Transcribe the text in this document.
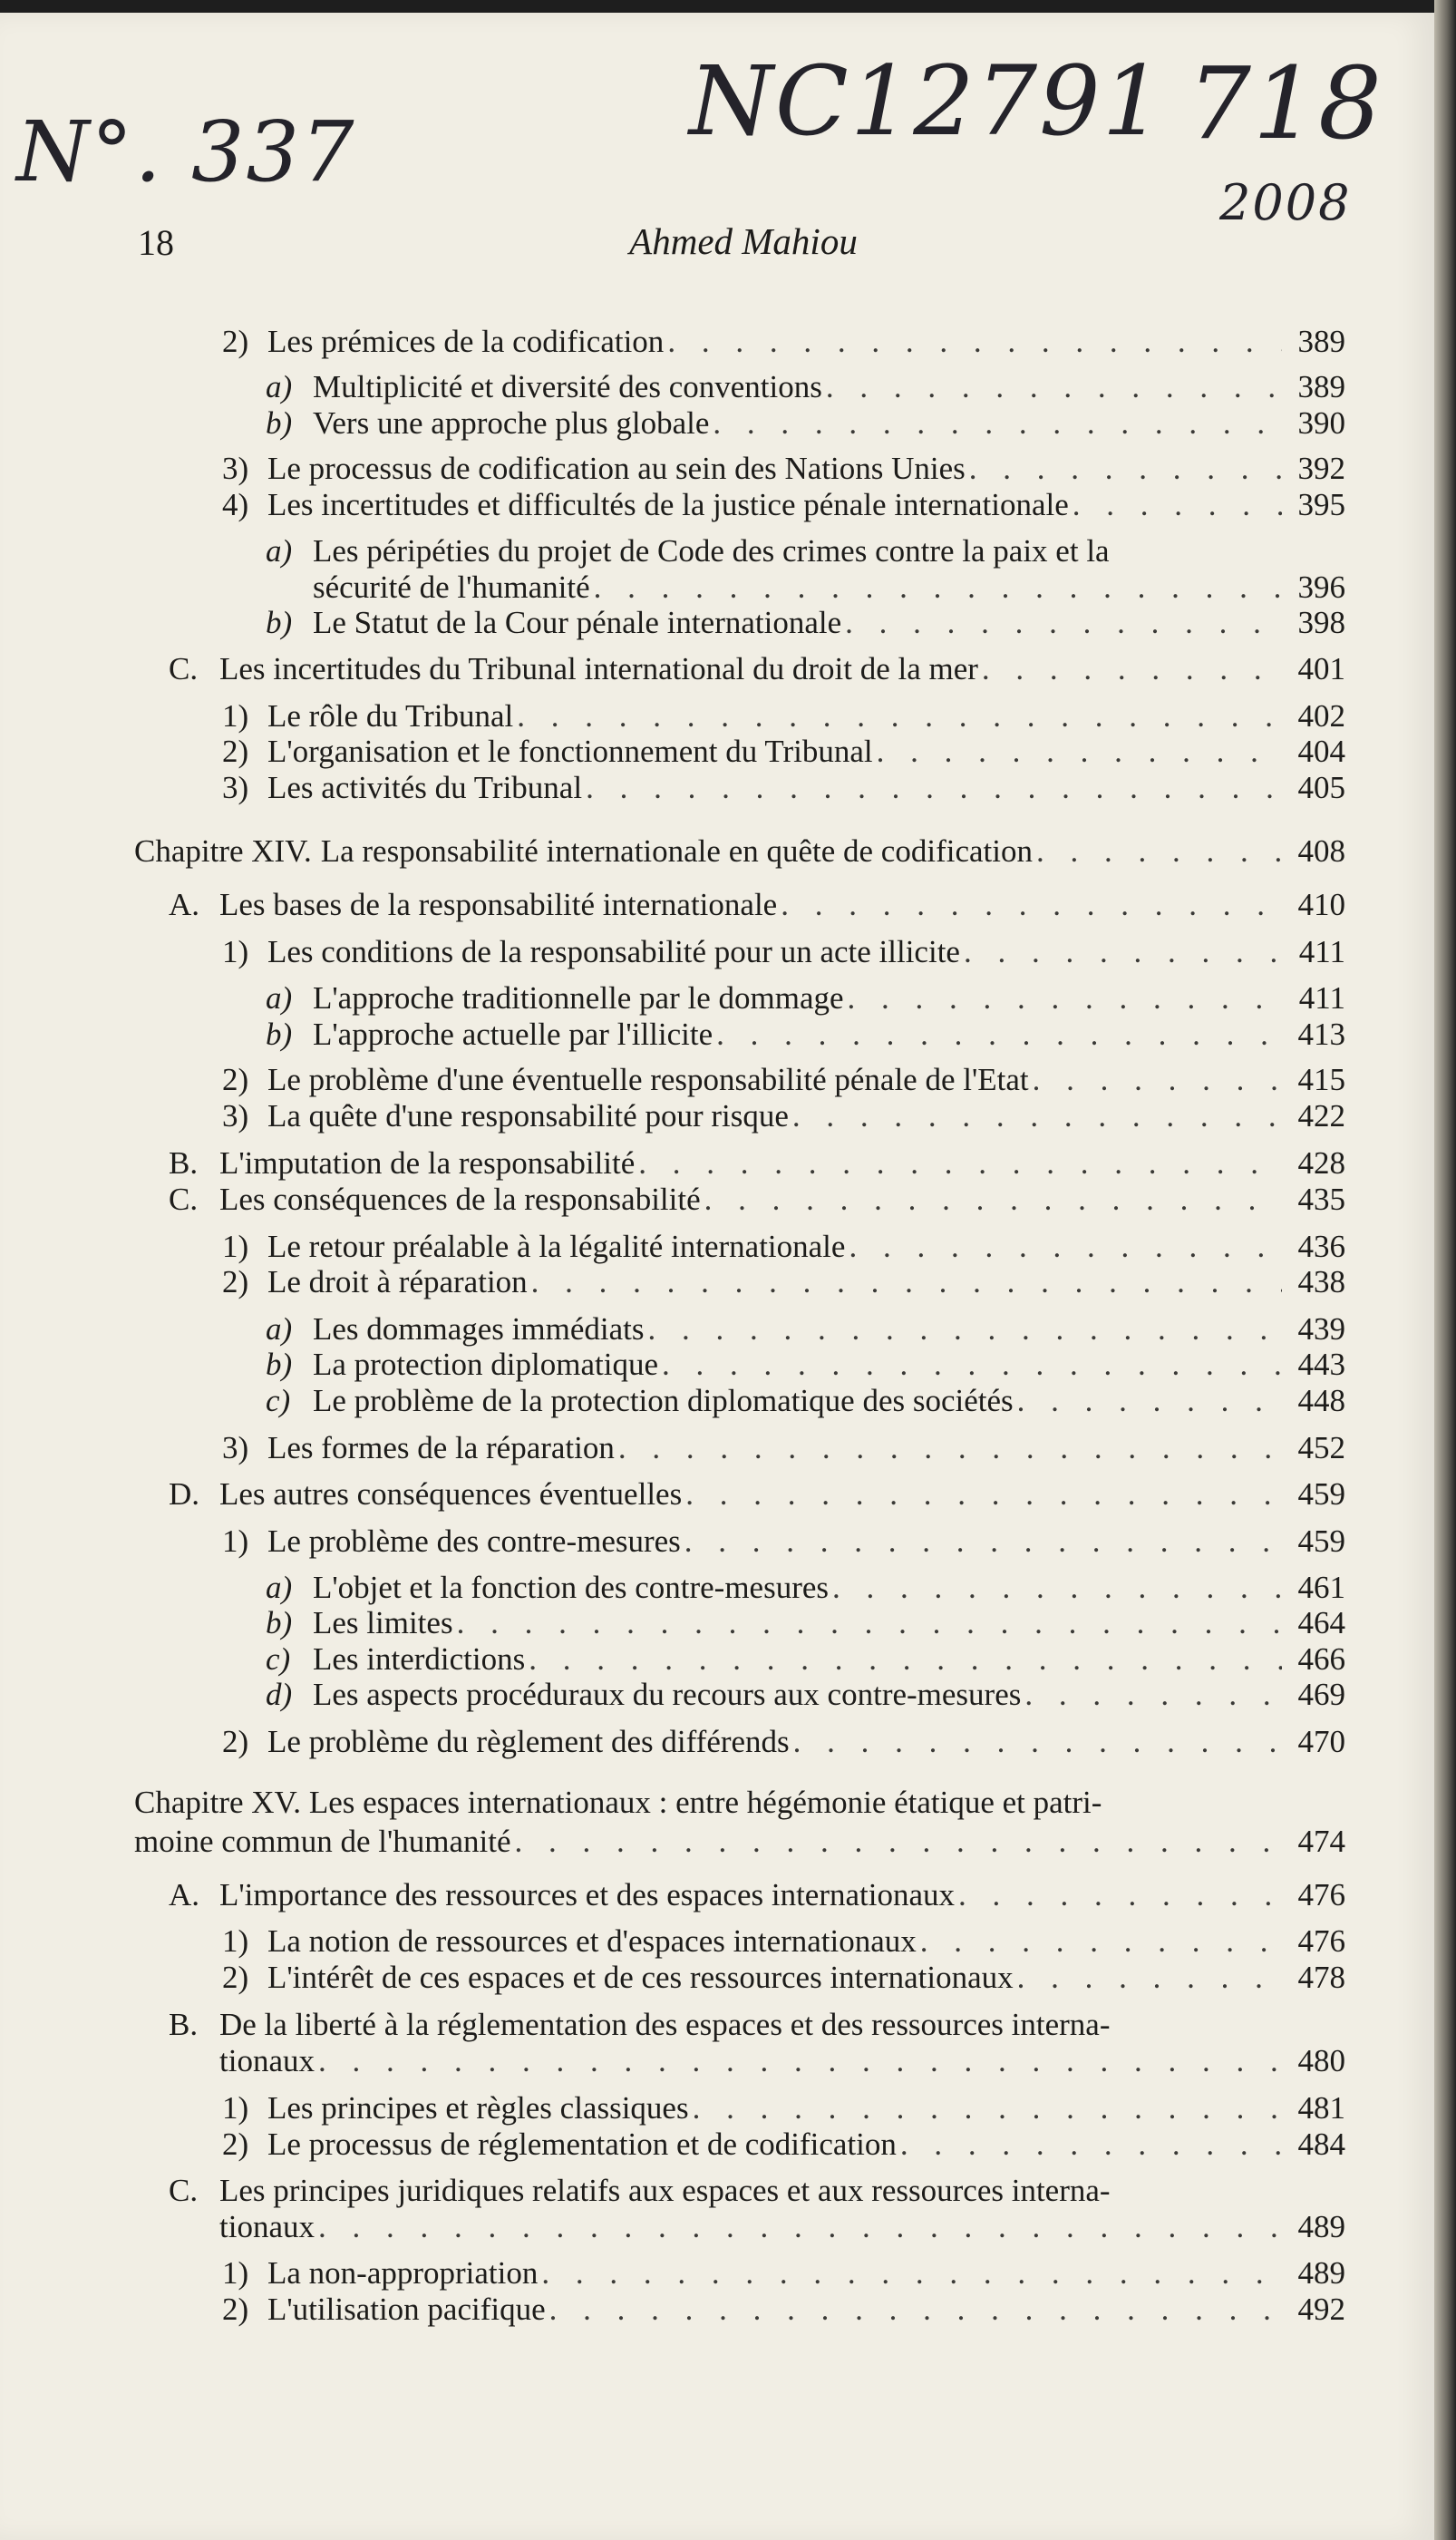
N°. 337	NC12791 718
2008
18	Ahmed Mahiou
2) Les prémices de la codification . . .	389
a) Multiplicité et diversité des conventions . . .	389
b) Vers une approche plus globale . . .	390
3) Le processus de codification au sein des Nations Unies . . .	392
4) Les incertitudes et difficultés de la justice pénale internationale . . .	395
a) Les péripéties du projet de Code des crimes contre la paix et la
sécurité de l'humanité . . .	396
b) Le Statut de la Cour pénale internationale . . .	398
C. Les incertitudes du Tribunal international du droit de la mer . . .	401
1) Le rôle du Tribunal . . .	402
2) L'organisation et le fonctionnement du Tribunal . . .	404
3) Les activités du Tribunal . . .	405
Chapitre XIV. La responsabilité internationale en quête de codification . . .	408
A. Les bases de la responsabilité internationale . . .	410
1) Les conditions de la responsabilité pour un acte illicite . . .	411
a) L'approche traditionnelle par le dommage . . .	411
b) L'approche actuelle par l'illicite . . .	413
2) Le problème d'une éventuelle responsabilité pénale de l'Etat . . .	415
3) La quête d'une responsabilité pour risque . . .	422
B. L'imputation de la responsabilité . . .	428
C. Les conséquences de la responsabilité . . .	435
1) Le retour préalable à la légalité internationale . . .	436
2) Le droit à réparation . . .	438
a) Les dommages immédiats . . .	439
b) La protection diplomatique . . .	443
c) Le problème de la protection diplomatique des sociétés . . .	448
3) Les formes de la réparation . . .	452
D. Les autres conséquences éventuelles . . .	459
1) Le problème des contre-mesures . . .	459
a) L'objet et la fonction des contre-mesures . . .	461
b) Les limites . . .	464
c) Les interdictions . . .	466
d) Les aspects procéduraux du recours aux contre-mesures . . .	469
2) Le problème du règlement des différends . . .	470
Chapitre XV. Les espaces internationaux : entre hégémonie étatique et patri-
moine commun de l'humanité . . .	474
A. L'importance des ressources et des espaces internationaux . . .	476
1) La notion de ressources et d'espaces internationaux . . .	476
2) L'intérêt de ces espaces et de ces ressources internationaux . . .	478
B. De la liberté à la réglementation des espaces et des ressources interna-
tionaux . . .	480
1) Les principes et règles classiques . . .	481
2) Le processus de réglementation et de codification . . .	484
C. Les principes juridiques relatifs aux espaces et aux ressources interna-
tionaux . . .	489
1) La non-appropriation . . .	489
2) L'utilisation pacifique . . .	492
